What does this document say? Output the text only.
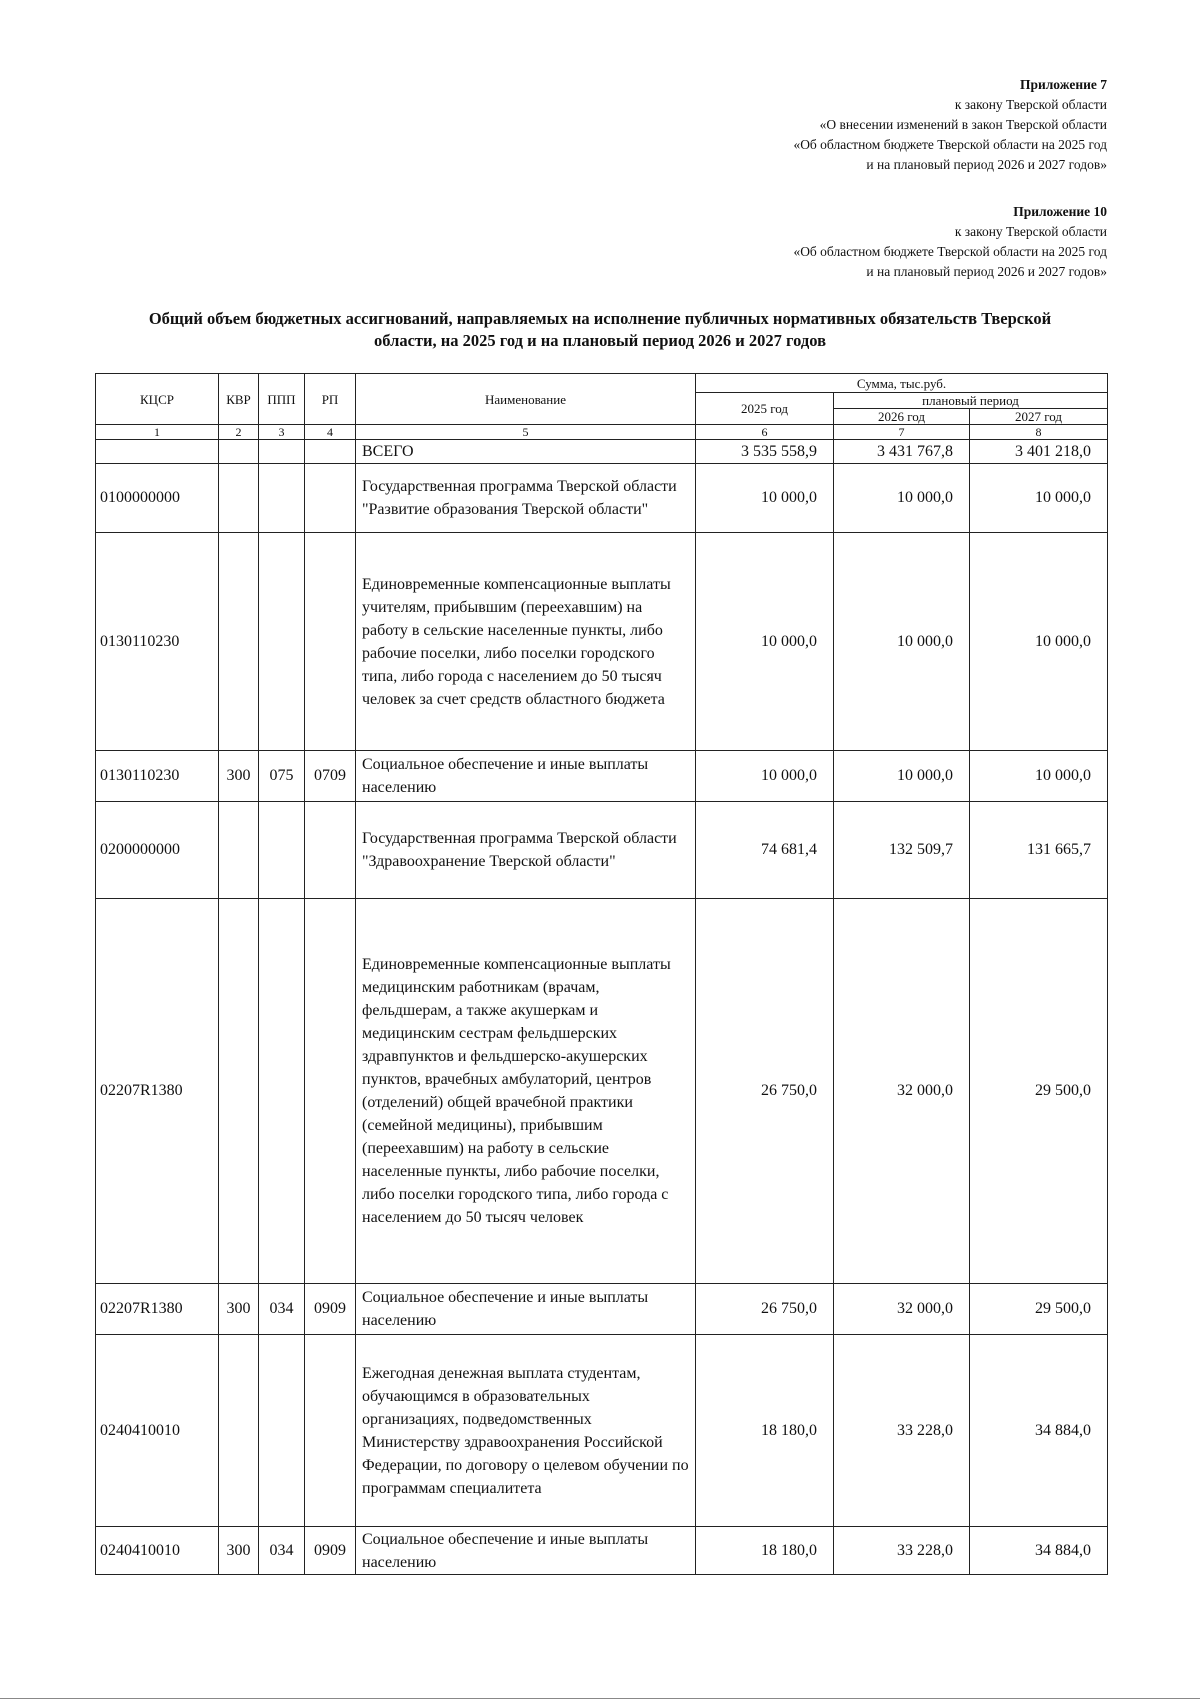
Приложение 7
к закону Тверской области
«О внесении изменений в закон Тверской области
«Об областном бюджете Тверской области на 2025 год
и на плановый период 2026 и 2027 годов»
Приложение 10
к закону Тверской области
«Об областном бюджете Тверской области на 2025 год
и на плановый период 2026 и 2027 годов»
Общий объем бюджетных ассигнований, направляемых на исполнение публичных нормативных обязательств Тверской
области, на 2025 год и на плановый период 2026 и 2027 годов
КЦСР	КВР	ППП	РП	Наименование	Сумма, тыс.руб.		
					2025 год	плановый период	
						2026 год	2027 год
1	2	3	4	5	6	7	8
				ВСЕГО	3 535 558,9	3 431 767,8	3 401 218,0
0100000000				Государственная программа Тверской области "Развитие образования Тверской области"	10 000,0	10 000,0	10 000,0
0130110230				Единовременные компенсационные выплаты учителям, прибывшим (переехавшим) на работу в сельские населенные пункты, либо рабочие поселки, либо поселки городского типа, либо города с населением до 50 тысяч человек за счет средств областного бюджета	10 000,0	10 000,0	10 000,0
0130110230	300	075	0709	Социальное обеспечение и иные выплаты населению	10 000,0	10 000,0	10 000,0
0200000000				Государственная программа Тверской области "Здравоохранение Тверской области"	74 681,4	132 509,7	131 665,7
02207R1380				Единовременные компенсационные выплаты медицинским работникам (врачам, фельдшерам, а также акушеркам и медицинским сестрам фельдшерских здравпунктов и фельдшерско-акушерских пунктов, врачебных амбулаторий, центров (отделений) общей врачебной практики (семейной медицины), прибывшим (переехавшим) на работу в сельские населенные пункты, либо рабочие поселки, либо поселки городского типа, либо города с населением до 50 тысяч человек	26 750,0	32 000,0	29 500,0
02207R1380	300	034	0909	Социальное обеспечение и иные выплаты населению	26 750,0	32 000,0	29 500,0
0240410010				Ежегодная денежная выплата студентам, обучающимся в образовательных организациях, подведомственных Министерству здравоохранения Российской Федерации, по договору о целевом обучении по программам специалитета	18 180,0	33 228,0	34 884,0
0240410010	300	034	0909	Социальное обеспечение и иные выплаты населению	18 180,0	33 228,0	34 884,0
